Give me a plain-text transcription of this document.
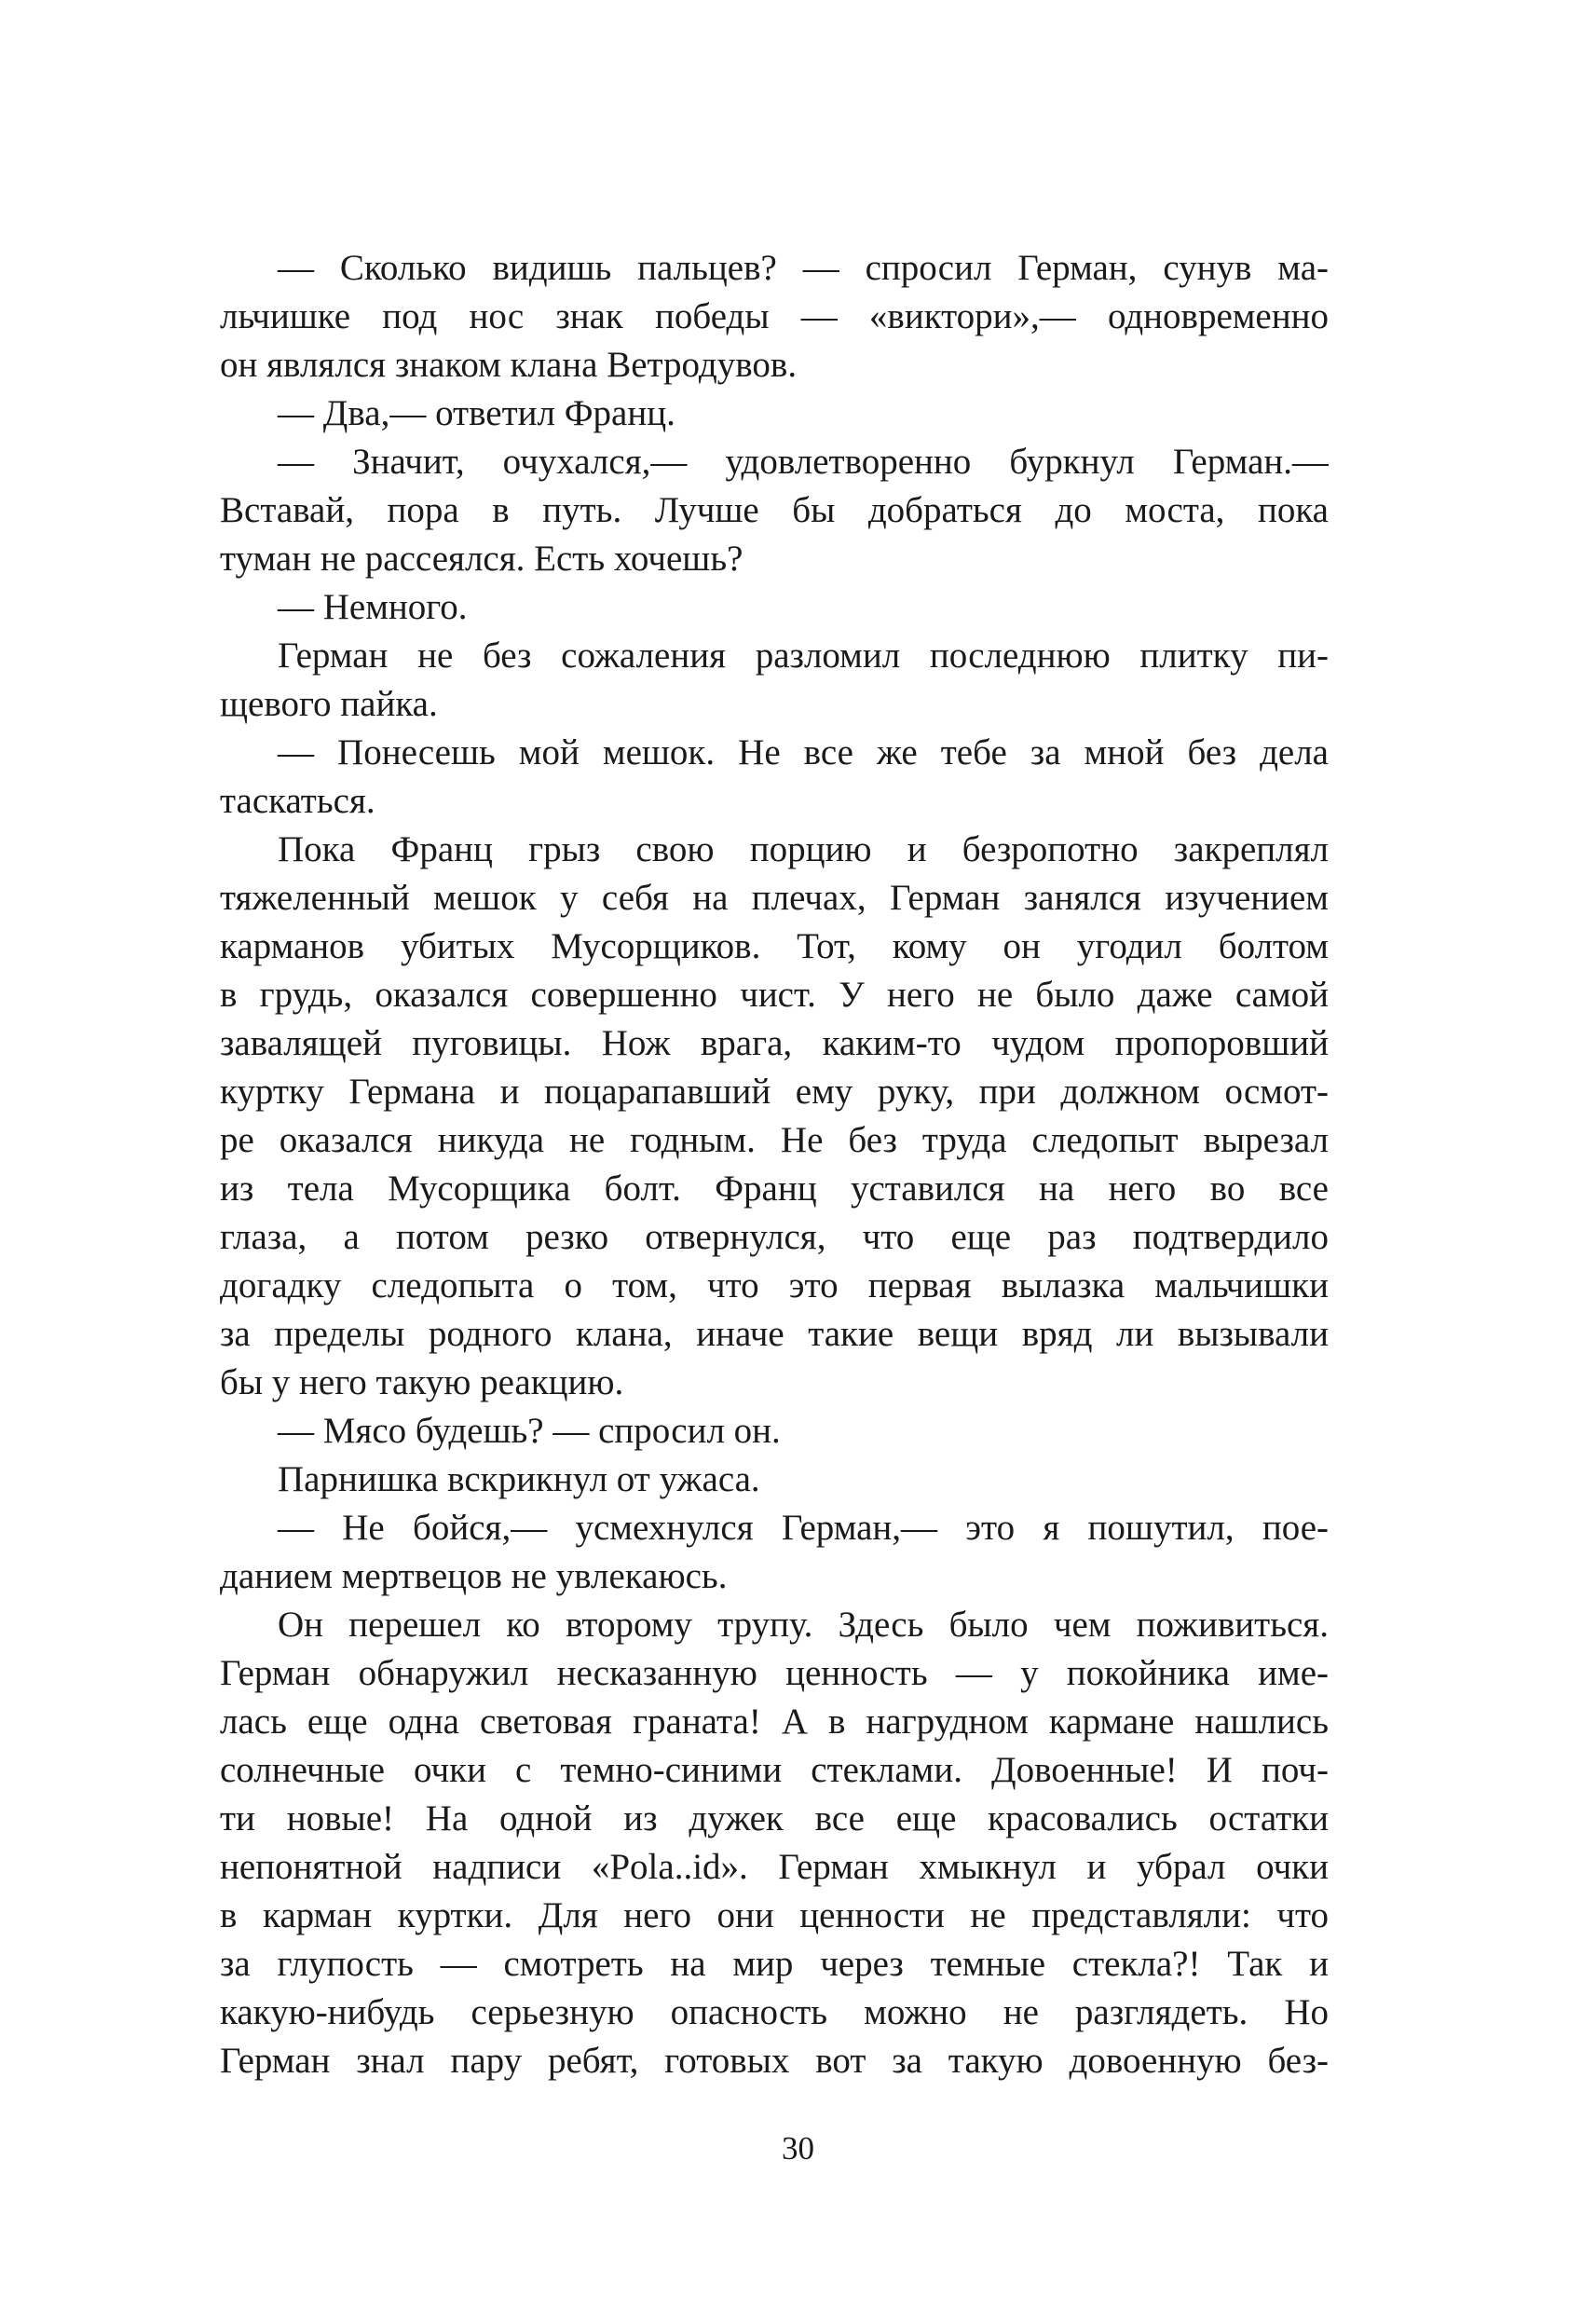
— Сколько видишь пальцев? — спросил Герман, сунув ма-
льчишке под нос знак победы — «виктори»,— одновременно
он являлся знаком клана Ветродувов.
— Два,— ответил Франц.
— Значит, очухался,— удовлетворенно буркнул Герман.—
Вставай, пора в путь. Лучше бы добраться до моста, пока
туман не рассеялся. Есть хочешь?
— Немного.
Герман не без сожаления разломил последнюю плитку пи-
щевого пайка.
— Понесешь мой мешок. Не все же тебе за мной без дела
таскаться.
Пока Франц грыз свою порцию и безропотно закреплял
тяжеленный мешок у себя на плечах, Герман занялся изучением
карманов убитых Мусорщиков. Тот, кому он угодил болтом
в грудь, оказался совершенно чист. У него не было даже самой
завалящей пуговицы. Нож врага, каким-то чудом пропоровший
куртку Германа и поцарапавший ему руку, при должном осмот-
ре оказался никуда не годным. Не без труда следопыт вырезал
из тела Мусорщика болт. Франц уставился на него во все
глаза, а потом резко отвернулся, что еще раз подтвердило
догадку следопыта о том, что это первая вылазка мальчишки
за пределы родного клана, иначе такие вещи вряд ли вызывали
бы у него такую реакцию.
— Мясо будешь? — спросил он.
Парнишка вскрикнул от ужаса.
— Не бойся,— усмехнулся Герман,— это я пошутил, пое-
данием мертвецов не увлекаюсь.
Он перешел ко второму трупу. Здесь было чем поживиться.
Герман обнаружил несказанную ценность — у покойника име-
лась еще одна световая граната! А в нагрудном кармане нашлись
солнечные очки с темно-синими стеклами. Довоенные! И поч-
ти новые! На одной из дужек все еще красовались остатки
непонятной надписи «Pola..id». Герман хмыкнул и убрал очки
в карман куртки. Для него они ценности не представляли: что
за глупость — смотреть на мир через темные стекла?! Так и
какую-нибудь серьезную опасность можно не разглядеть. Но
Герман знал пару ребят, готовых вот за такую довоенную без-
30
